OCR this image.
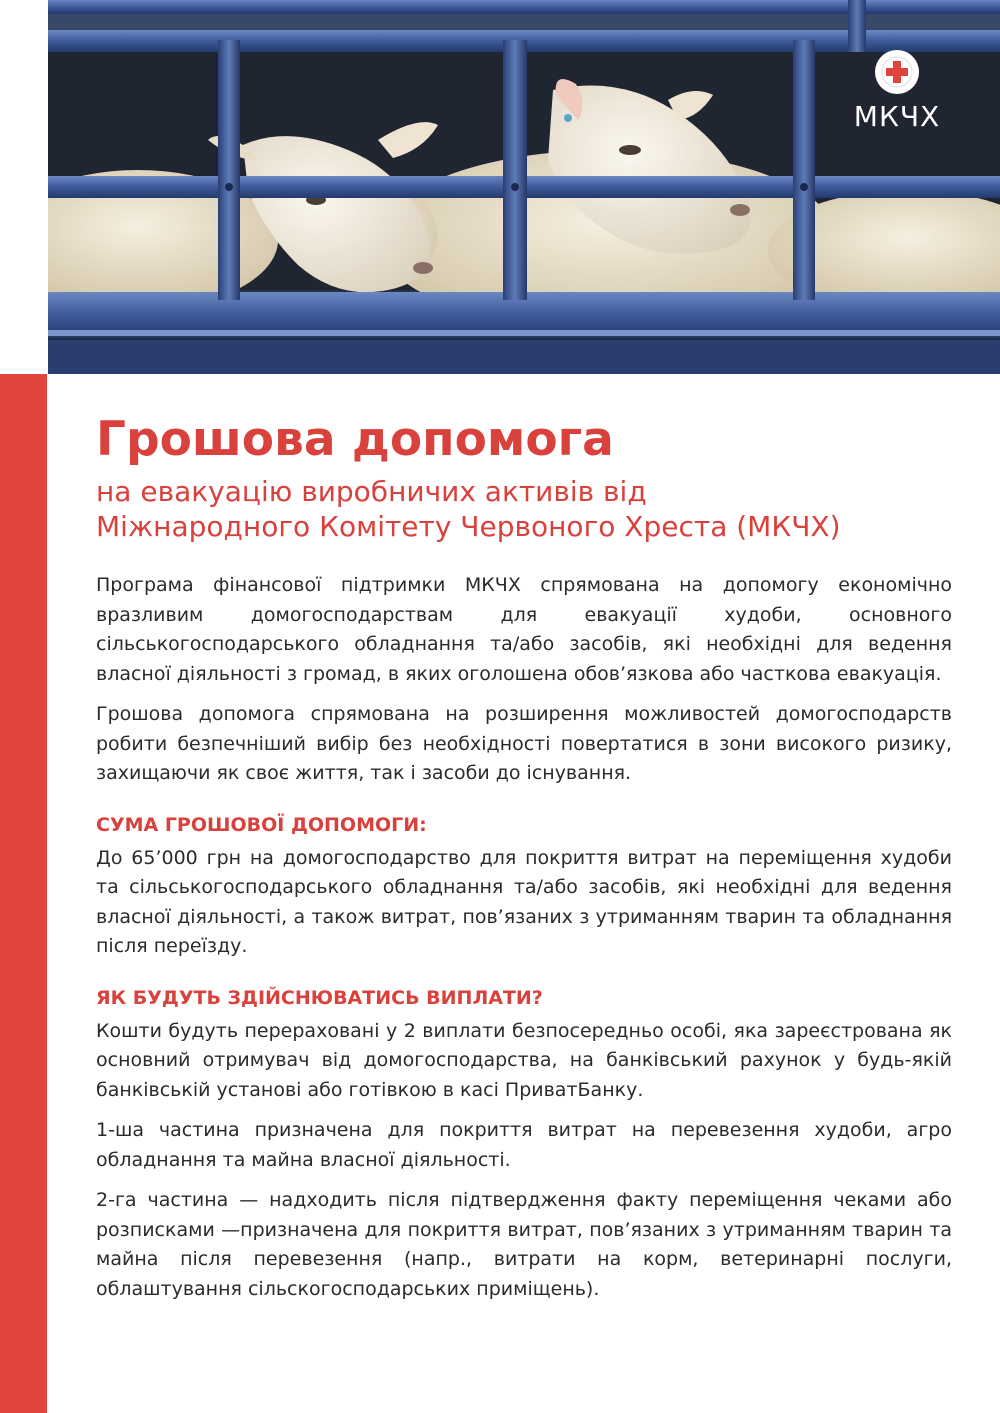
МКЧХ
Грошова допомога
на евакуацію виробничих активів від
Міжнародного Комітету Червоного Хреста (МКЧХ)

Програма фінансової підтримки МКЧХ спрямована на допомогу економічно вразливим домогосподарствам для евакуації худоби, основного сільськогосподарського обладнання та/або засобів, які необхідні для ведення власної діяльності з громад, в яких оголошена обов’язкова або часткова евакуація.

Грошова допомога спрямована на розширення можливостей домогосподарств робити безпечніший вибір без необхідності повертатися в зони високого ризику, захищаючи як своє життя, так і засоби до існування.

СУМА ГРОШОВОЇ ДОПОМОГИ:

До 65’000 грн на домогосподарство для покриття витрат на переміщення худоби та сільськогосподарського обладнання та/або засобів, які необхідні для ведення власної діяльності, а також витрат, пов’язаних з утриманням тварин та обладнання після переїзду.

ЯК БУДУТЬ ЗДІЙСНЮВАТИСЬ ВИПЛАТИ?

Кошти будуть перераховані у 2 виплати безпосередньо особі, яка зареєстрована як основний отримувач від домогосподарства, на банківський рахунок у будь-якій банківській установі або готівкою в касі ПриватБанку.

1-ша частина призначена для покриття витрат на перевезення худоби, агро обладнання та майна власної діяльності.

2-га частина — надходить після підтвердження факту переміщення чеками або розписками —призначена для покриття витрат, пов’язаних з утриманням тварин та майна після перевезення (напр., витрати на корм, ветеринарні послуги, облаштування сільскогосподарських приміщень).
